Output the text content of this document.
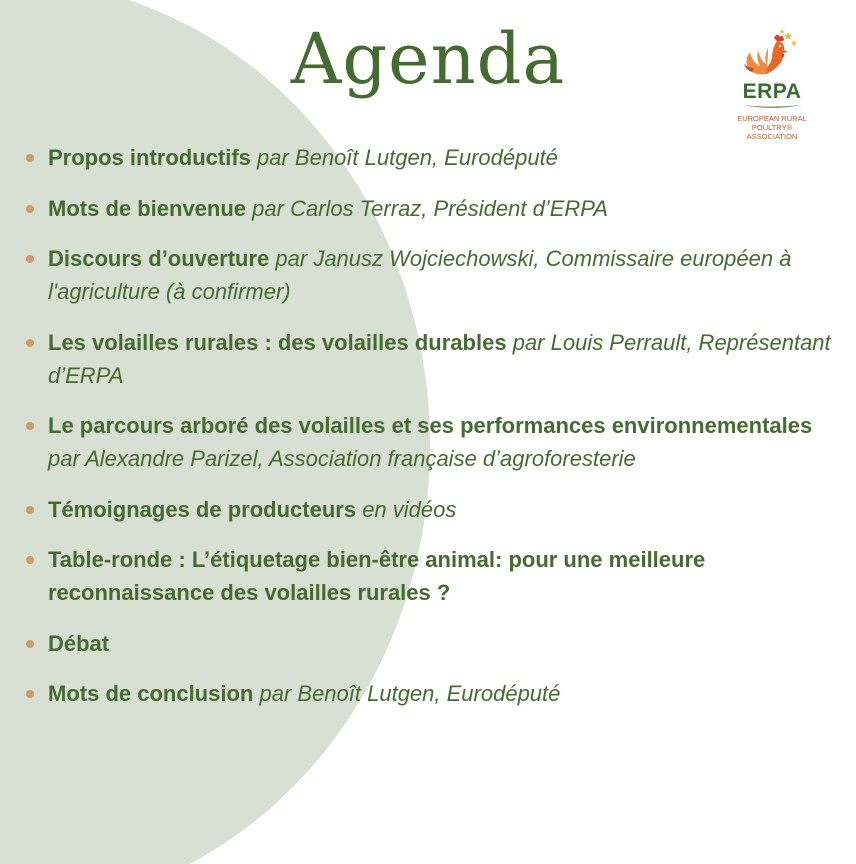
Agenda	ERPA
EUROPEAN RURAL POULTRY®
ASSOCIATION
Propos introductifs par Benoît Lutgen, Eurodéputé
Mots de bienvenue par Carlos Terraz, Président d’ERPA
Discours d’ouverture par Janusz Wojciechowski, Commissaire européen à l'agriculture (à confirmer)
Les volailles rurales : des volailles durables par Louis Perrault, Représentant d’ERPA
Le parcours arboré des volailles et ses performances environnementales par Alexandre Parizel, Association française d’agroforesterie
Témoignages de producteurs en vidéos
Table-ronde : L’étiquetage bien-être animal: pour une meilleure reconnaissance des volailles rurales ?
Débat
Mots de conclusion par Benoît Lutgen, Eurodéputé
